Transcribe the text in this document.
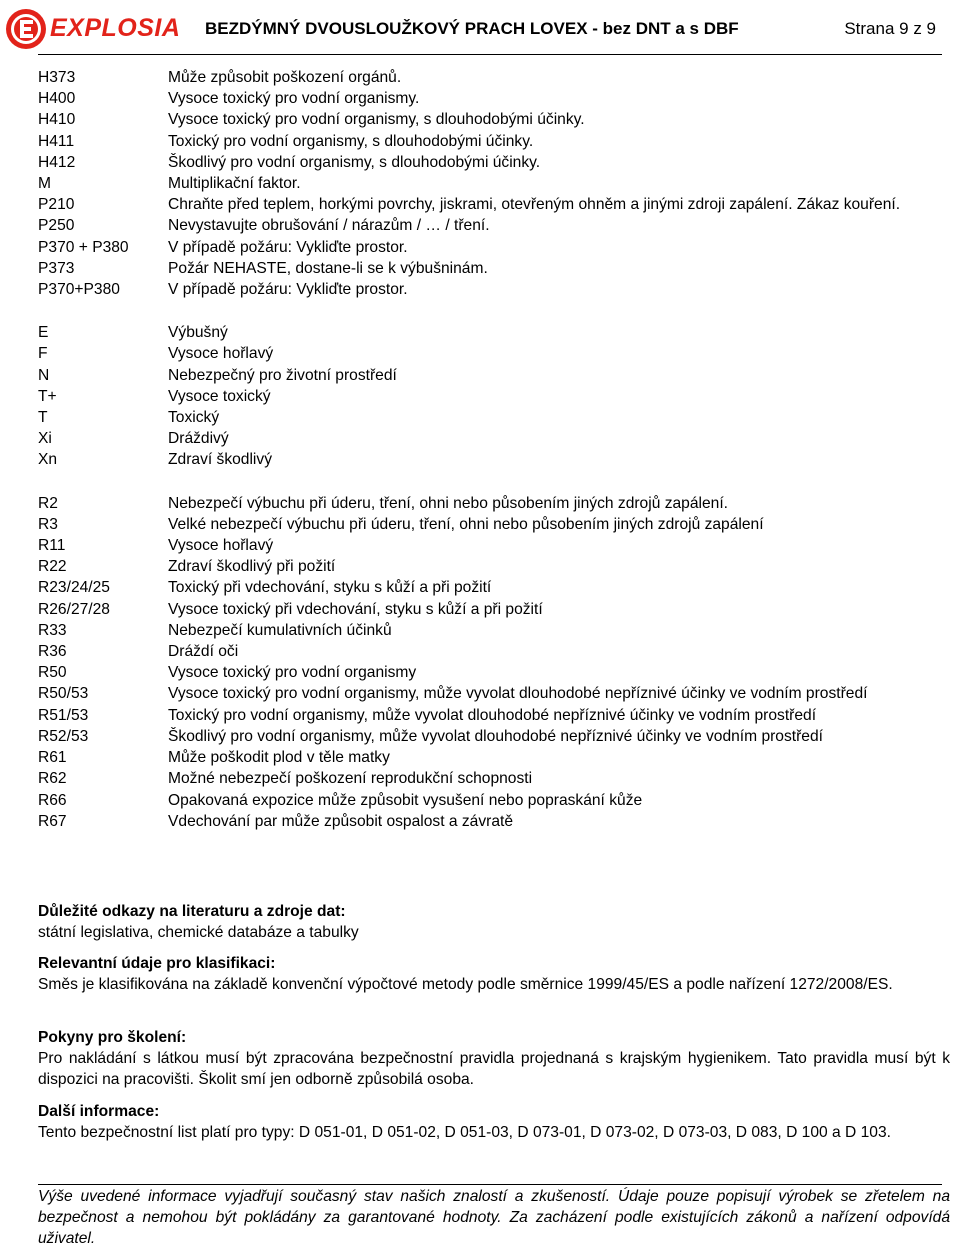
EXPLOSIA BEZDÝMNÝ DVOUSLOUŽKOVÝ PRACH LOVEX - bez DNT a s DBF	Strana 9 z 9
H373	Může způsobit poškození orgánů.
H400	Vysoce toxický pro vodní organismy.
H410	Vysoce toxický pro vodní organismy, s dlouhodobými účinky.
H411	Toxický pro vodní organismy, s dlouhodobými účinky.
H412	Škodlivý pro vodní organismy, s dlouhodobými účinky.
M	Multiplikační faktor.
P210	Chraňte před teplem, horkými povrchy, jiskrami, otevřeným ohněm a jinými zdroji zapálení. Zákaz kouření.
P250	Nevystavujte obrušování / nárazům / … / tření.
P370 + P380	V případě požáru: Vykliďte prostor.
P373	Požár NEHASTE, dostane-li se k výbušninám.
P370+P380	V případě požáru: Vykliďte prostor.
E	Výbušný
F	Vysoce hořlavý
N	Nebezpečný pro životní prostředí
T+	Vysoce toxický
T	Toxický
Xi	Dráždivý
Xn	Zdraví škodlivý
R2	Nebezpečí výbuchu při úderu, tření, ohni nebo působením jiných zdrojů zapálení.
R3	Velké nebezpečí výbuchu při úderu, tření, ohni nebo působením jiných zdrojů zapálení
R11	Vysoce hořlavý
R22	Zdraví škodlivý při požití
R23/24/25	Toxický při vdechování, styku s kůží a při požití
R26/27/28	Vysoce toxický při vdechování, styku s kůží a při požití
R33	Nebezpečí kumulativních účinků
R36	Dráždí oči
R50	Vysoce toxický pro vodní organismy
R50/53	Vysoce toxický pro vodní organismy, může vyvolat dlouhodobé nepříznivé účinky ve vodním prostředí
R51/53	Toxický pro vodní organismy, může vyvolat dlouhodobé nepříznivé účinky ve vodním prostředí
R52/53	Škodlivý pro vodní organismy, může vyvolat dlouhodobé nepříznivé účinky ve vodním prostředí
R61	Může poškodit plod v těle matky
R62	Možné nebezpečí poškození reprodukční schopnosti
R66	Opakovaná expozice může způsobit vysušení nebo popraskání kůže
R67	Vdechování par může způsobit ospalost a závratě
Důležité odkazy na literaturu a zdroje dat:
státní legislativa, chemické databáze a tabulky
Relevantní údaje pro klasifikaci:
Směs je klasifikována na základě konvenční výpočtové metody podle směrnice 1999/45/ES a podle nařízení 1272/2008/ES.
Pokyny pro školení:
Pro nakládání s látkou musí být zpracována bezpečnostní pravidla projednaná s krajským hygienikem. Tato pravidla musí být k dispozici na pracovišti. Školit smí jen odborně způsobilá osoba.
Další informace:
Tento bezpečnostní list platí pro typy: D 051-01, D 051-02, D 051-03, D 073-01, D 073-02, D 073-03, D 083, D 100 a D 103.
Výše uvedené informace vyjadřují současný stav našich znalostí a zkušeností. Údaje pouze popisují výrobek se zřetelem na bezpečnost a nemohou být pokládány za garantované hodnoty. Za zacházení podle existujících zákonů a nařízení odpovídá uživatel.
